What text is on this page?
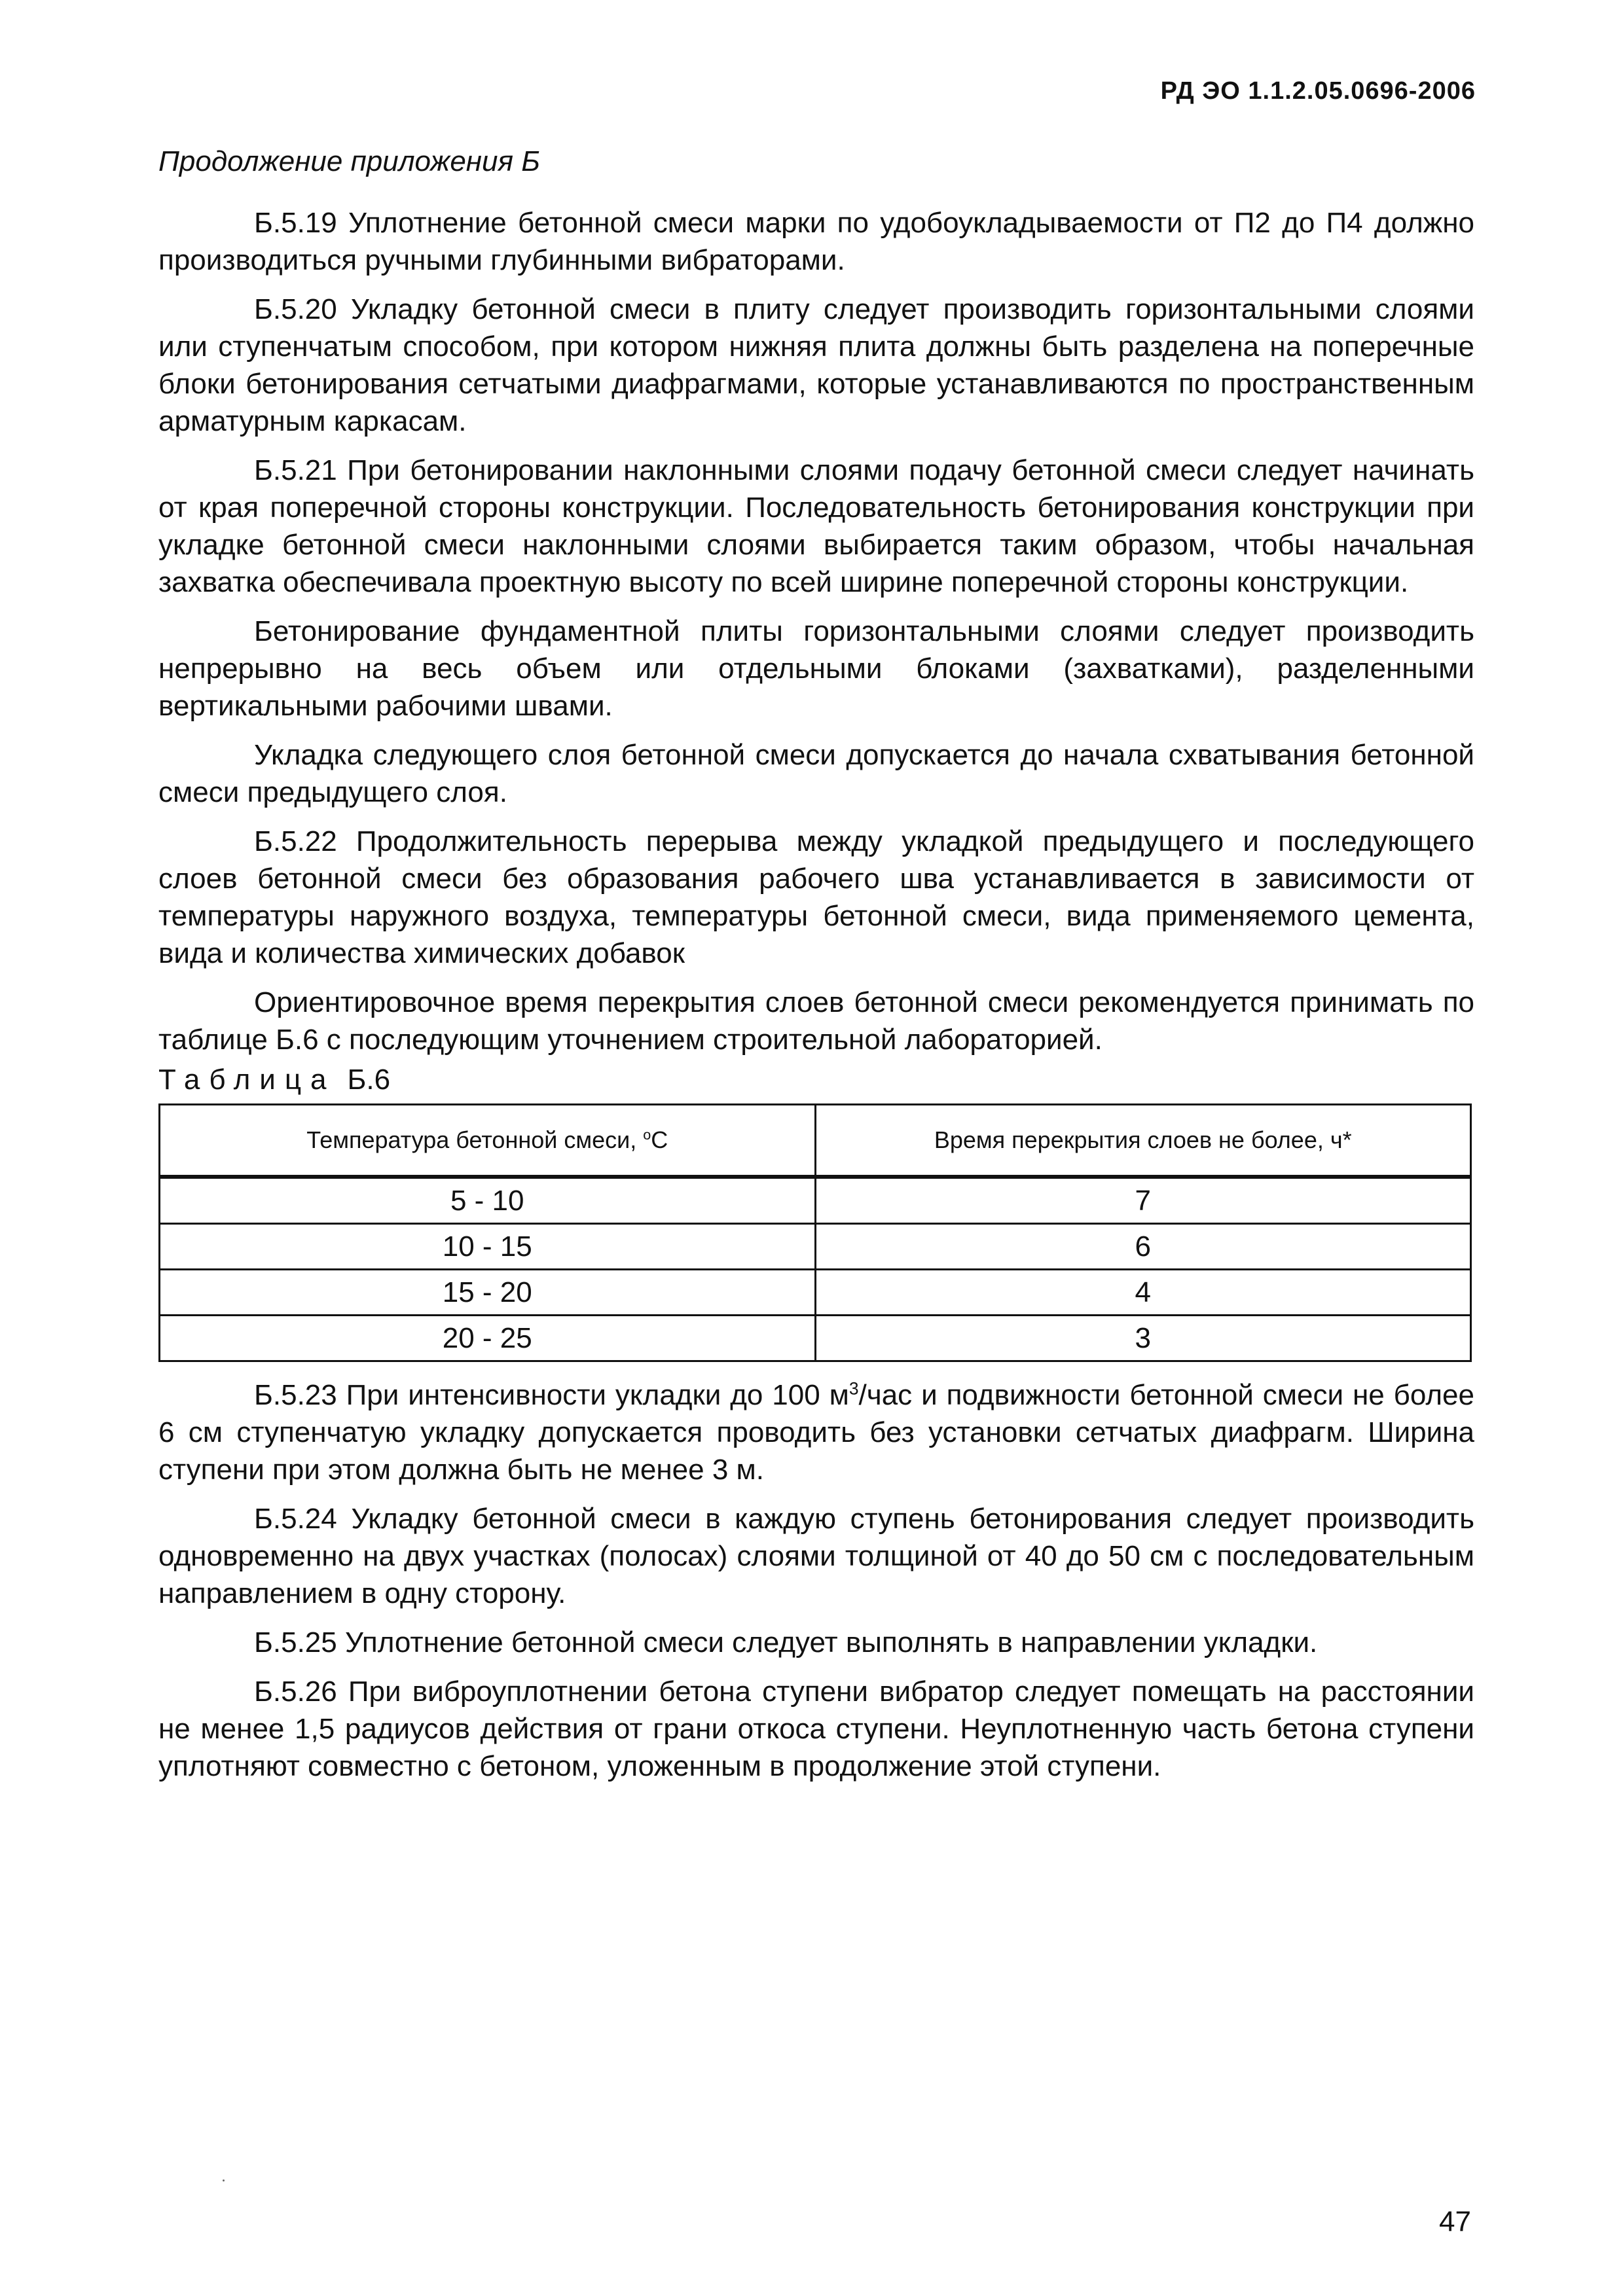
РД ЭО 1.1.2.05.0696-2006
Продолжение приложения Б

Б.5.19 Уплотнение бетонной смеси марки по удобоукладываемости от П2 до П4 должно производиться ручными глубинными вибраторами.

Б.5.20 Укладку бетонной смеси в плиту следует производить горизонтальными слоями или ступенчатым способом, при котором нижняя плита должны быть разделена на поперечные блоки бетонирования сетчатыми диафрагмами, которые устанавливаются по пространственным арматурным каркасам.

Б.5.21 При бетонировании наклонными слоями подачу бетонной смеси следует начинать от края поперечной стороны конструкции. Последовательность бетонирования конструкции при укладке бетонной смеси наклонными слоями выбирается таким образом, чтобы начальная захватка обеспечивала проектную высоту по всей ширине поперечной стороны конструкции.

Бетонирование фундаментной плиты горизонтальными слоями следует производить непрерывно на весь объем или отдельными блоками (захватками), разделенными вертикальными рабочими швами.

Укладка следующего слоя бетонной смеси допускается до начала схватывания бетонной смеси предыдущего слоя.

Б.5.22 Продолжительность перерыва между укладкой предыдущего и последующего слоев бетонной смеси без образования рабочего шва устанавливается в зависимости от температуры наружного воздуха, температуры бетонной смеси, вида применяемого цемента, вида и количества химических добавок

Ориентировочное время перекрытия слоев бетонной смеси рекомендуется принимать по таблице Б.6 с последующим уточнением строительной лабораторией.

Таблица Б.6
Температура бетонной смеси, $^о$С	Время перекрытия слоев не более, ч*
5 - 10	7
10 - 15	6
15 - 20	4
20 - 25	3

Б.5.23 При интенсивности укладки до 100 $м^3$/час и подвижности бетонной смеси не более 6 см ступенчатую укладку допускается проводить без установки сетчатых диафрагм. Ширина ступени при этом должна быть не менее 3 м.

Б.5.24 Укладку бетонной смеси в каждую ступень бетонирования следует производить одновременно на двух участках (полосах) слоями толщиной от 40 до 50 см с последовательным направлением в одну сторону.

Б.5.25 Уплотнение бетонной смеси следует выполнять в направлении укладки.

Б.5.26 При виброуплотнении бетона ступени вибратор следует помещать на расстоянии не менее 1,5 радиусов действия от грани откоса ступени. Неуплотненную часть бетона ступени уплотняют совместно с бетоном, уложенным в продолжение этой ступени.

47
